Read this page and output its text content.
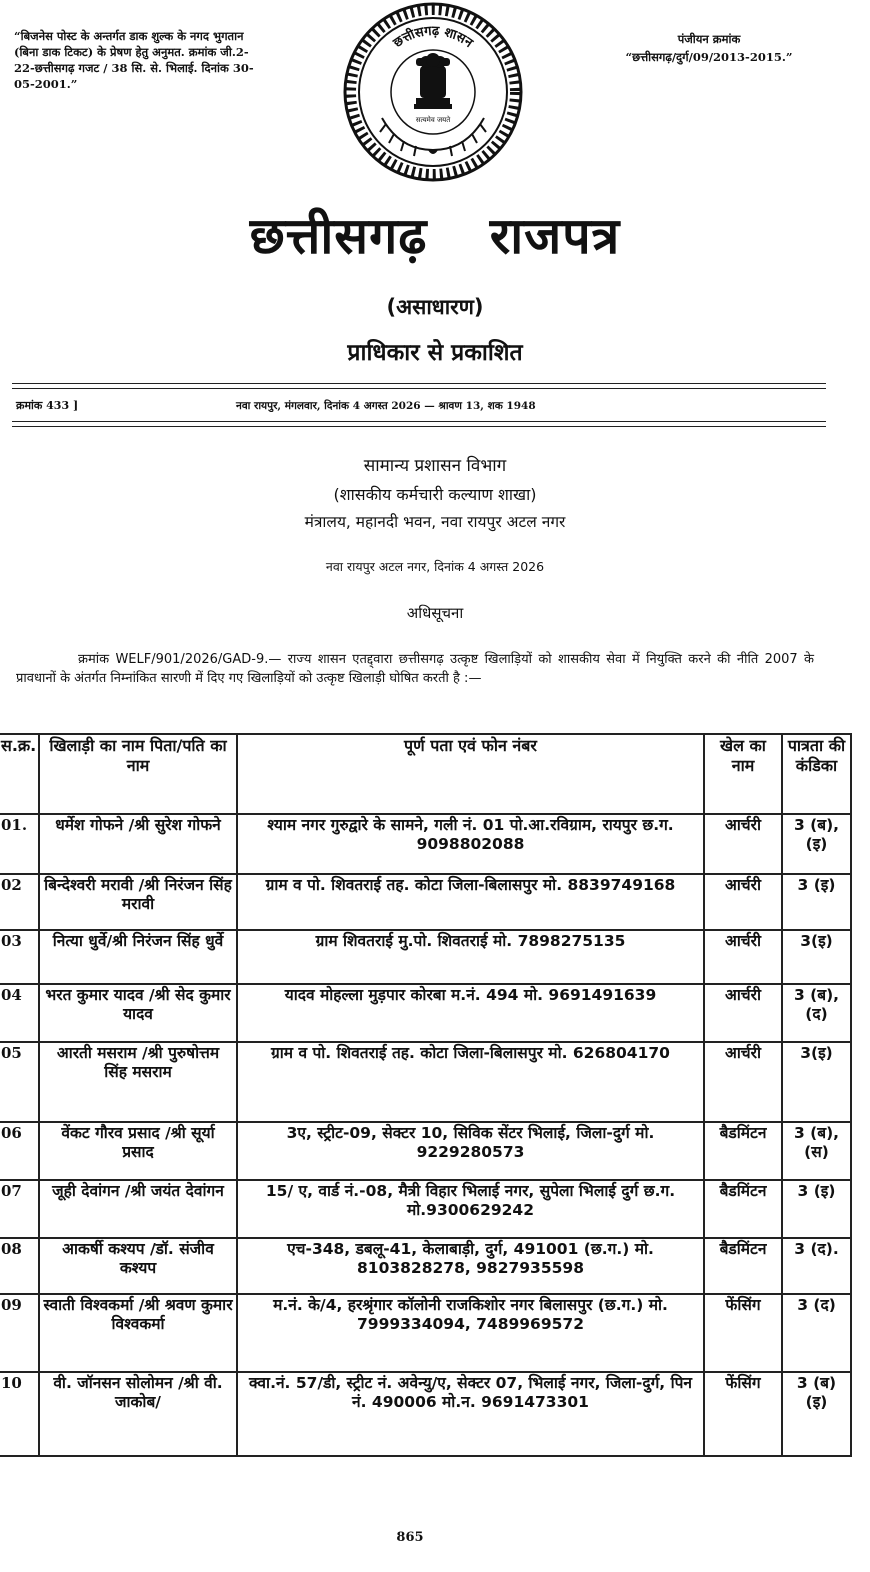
“बिजनेस पोस्ट के अन्तर्गत डाक शुल्क के नगद भुगतान (बिना डाक टिकट) के प्रेषण हेतु अनुमत. क्रमांक जी.2-22-छत्तीसगढ़ गजट / 38 सि. से. भिलाई. दिनांक 30-05-2001.”
पंजीयन क्रमांक
“छत्तीसगढ़/दुर्ग/09/2013-2015.”
छत्तीसगढ़ शासन
सत्यमेव जयते
छत्तीसगढ़ राजपत्र
(असाधारण)
प्राधिकार से प्रकाशित
क्रमांक 433 ]	नवा रायपुर, मंगलवार, दिनांक 4 अगस्त 2026 — श्रावण 13, शक 1948
सामान्य प्रशासन विभाग
(शासकीय कर्मचारी कल्याण शाखा)
मंत्रालय, महानदी भवन, नवा रायपुर अटल नगर
नवा रायपुर अटल नगर, दिनांक 4 अगस्त 2026
अधिसूचना
क्रमांक WELF/901/2026/GAD-9.— राज्य शासन एतद्द्वारा छत्तीसगढ़ उत्कृष्ट खिलाड़ियों को शासकीय सेवा में नियुक्ति करने की नीति 2007 के प्रावधानों के अंतर्गत निम्नांकित सारणी में दिए गए खिलाड़ियों को उत्कृष्ट खिलाड़ी घोषित करती है :—
स.क्र.	खिलाड़ी का नाम पिता/पति का नाम	पूर्ण पता एवं फोन नंबर	खेल का नाम	पात्रता की कंडिका
01.	धर्मेश गोफने /श्री सुरेश गोफने	श्याम नगर गुरुद्वारे के सामने, गली नं. 01 पो.आ.रविग्राम, रायपुर छ.ग. 9098802088	आर्चरी	3 (ब), (इ)
02	बिन्देश्वरी मरावी /श्री निरंजन सिंह मरावी	ग्राम व पो. शिवतराई तह. कोटा जिला-बिलासपुर मो. 8839749168	आर्चरी	3 (इ)
03	नित्या धुर्वे/श्री निरंजन सिंह धुर्वे	ग्राम शिवतराई मु.पो. शिवतराई मो. 7898275135	आर्चरी	3(इ)
04	भरत कुमार यादव /श्री सेद कुमार यादव	यादव मोहल्ला मुड़पार कोरबा म.नं. 494 मो. 9691491639	आर्चरी	3 (ब), (द)
05	आरती मसराम /श्री पुरुषोत्तम सिंह मसराम	ग्राम व पो. शिवतराई तह. कोटा जिला-बिलासपुर मो. 626804170	आर्चरी	3(इ)
06	वेंकट गौरव प्रसाद /श्री सूर्या प्रसाद	3ए, स्ट्रीट-09, सेक्टर 10, सिविक सेंटर भिलाई, जिला-दुर्ग मो. 9229280573	बैडमिंटन	3 (ब), (स)
07	जूही देवांगन /श्री जयंत देवांगन	15/ ए, वार्ड नं.-08, मैत्री विहार भिलाई नगर, सुपेला भिलाई दुर्ग छ.ग. मो.9300629242	बैडमिंटन	3 (इ)
08	आकर्षी कश्यप /डॉ. संजीव कश्यप	एच-348, डबलू-41, केलाबाड़ी, दुर्ग, 491001 (छ.ग.) मो. 8103828278, 9827935598	बैडमिंटन	3 (द).
09	स्वाती विश्वकर्मा /श्री श्रवण कुमार विश्वकर्मा	म.नं. के/4, हरश्रृंगार कॉलोनी राजकिशोर नगर बिलासपुर (छ.ग.) मो. 7999334094, 7489969572	फेंसिंग	3 (द)
10	वी. जॉनसन सोलोमन /श्री वी. जाकोब/	क्वा.नं. 57/डी, स्ट्रीट नं. अवेन्यु/ए, सेक्टर 07, भिलाई नगर, जिला-दुर्ग, पिन नं. 490006 मो.न. 9691473301	फेंसिंग	3 (ब) (इ)
865
